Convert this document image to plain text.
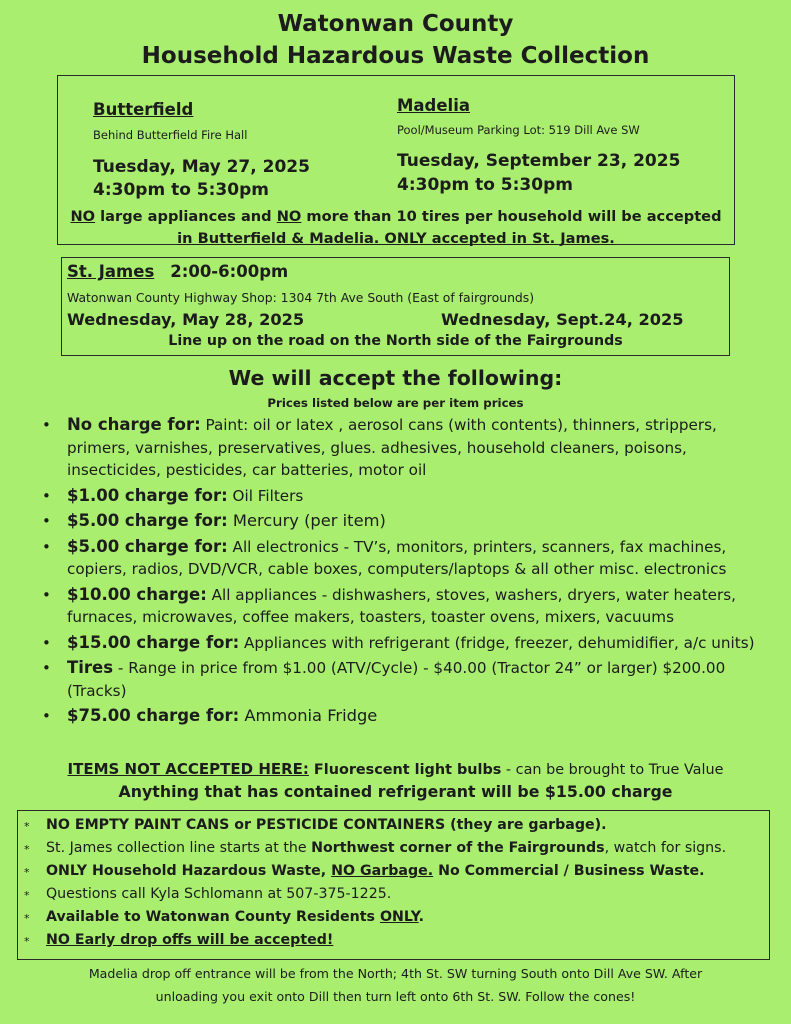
Watonwan County
Household Hazardous Waste Collection
Butterfield
Behind Butterfield Fire Hall
Tuesday, May 27, 2025
4:30pm to 5:30pm
Madelia
Pool/Museum Parking Lot: 519 Dill Ave SW
Tuesday, September 23, 2025
4:30pm to 5:30pm
NO large appliances and NO more than 10 tires per household will be accepted
in Butterfield & Madelia. ONLY accepted in St. James.
St. James 2:00-6:00pm
Watonwan County Highway Shop: 1304 7th Ave South (East of fairgrounds)
Wednesday, May 28, 2025	Wednesday, Sept.24, 2025
Line up on the road on the North side of the Fairgrounds
We will accept the following:
Prices listed below are per item prices
• No charge for: Paint: oil or latex , aerosol cans (with contents), thinners, strippers, primers, varnishes, preservatives, glues. adhesives, household cleaners, poisons, insecticides, pesticides, car batteries, motor oil
• $1.00 charge for: Oil Filters
• $5.00 charge for: Mercury (per item)
• $5.00 charge for: All electronics - TV’s, monitors, printers, scanners, fax machines, copiers, radios, DVD/VCR, cable boxes, computers/laptops & all other misc. electronics
• $10.00 charge: All appliances - dishwashers, stoves, washers, dryers, water heaters, furnaces, microwaves, coffee makers, toasters, toaster ovens, mixers, vacuums
• $15.00 charge for: Appliances with refrigerant (fridge, freezer, dehumidifier, a/c units)
• Tires - Range in price from $1.00 (ATV/Cycle) - $40.00 (Tractor 24” or larger) $200.00 (Tracks)
• $75.00 charge for: Ammonia Fridge
ITEMS NOT ACCEPTED HERE: Fluorescent light bulbs - can be brought to True Value
Anything that has contained refrigerant will be $15.00 charge
* NO EMPTY PAINT CANS or PESTICIDE CONTAINERS (they are garbage).
* St. James collection line starts at the Northwest corner of the Fairgrounds, watch for signs.
* ONLY Household Hazardous Waste, NO Garbage. No Commercial / Business Waste.
* Questions call Kyla Schlomann at 507-375-1225.
* Available to Watonwan County Residents ONLY.
* NO Early drop offs will be accepted!
Madelia drop off entrance will be from the North; 4th St. SW turning South onto Dill Ave SW. After
unloading you exit onto Dill then turn left onto 6th St. SW. Follow the cones!
